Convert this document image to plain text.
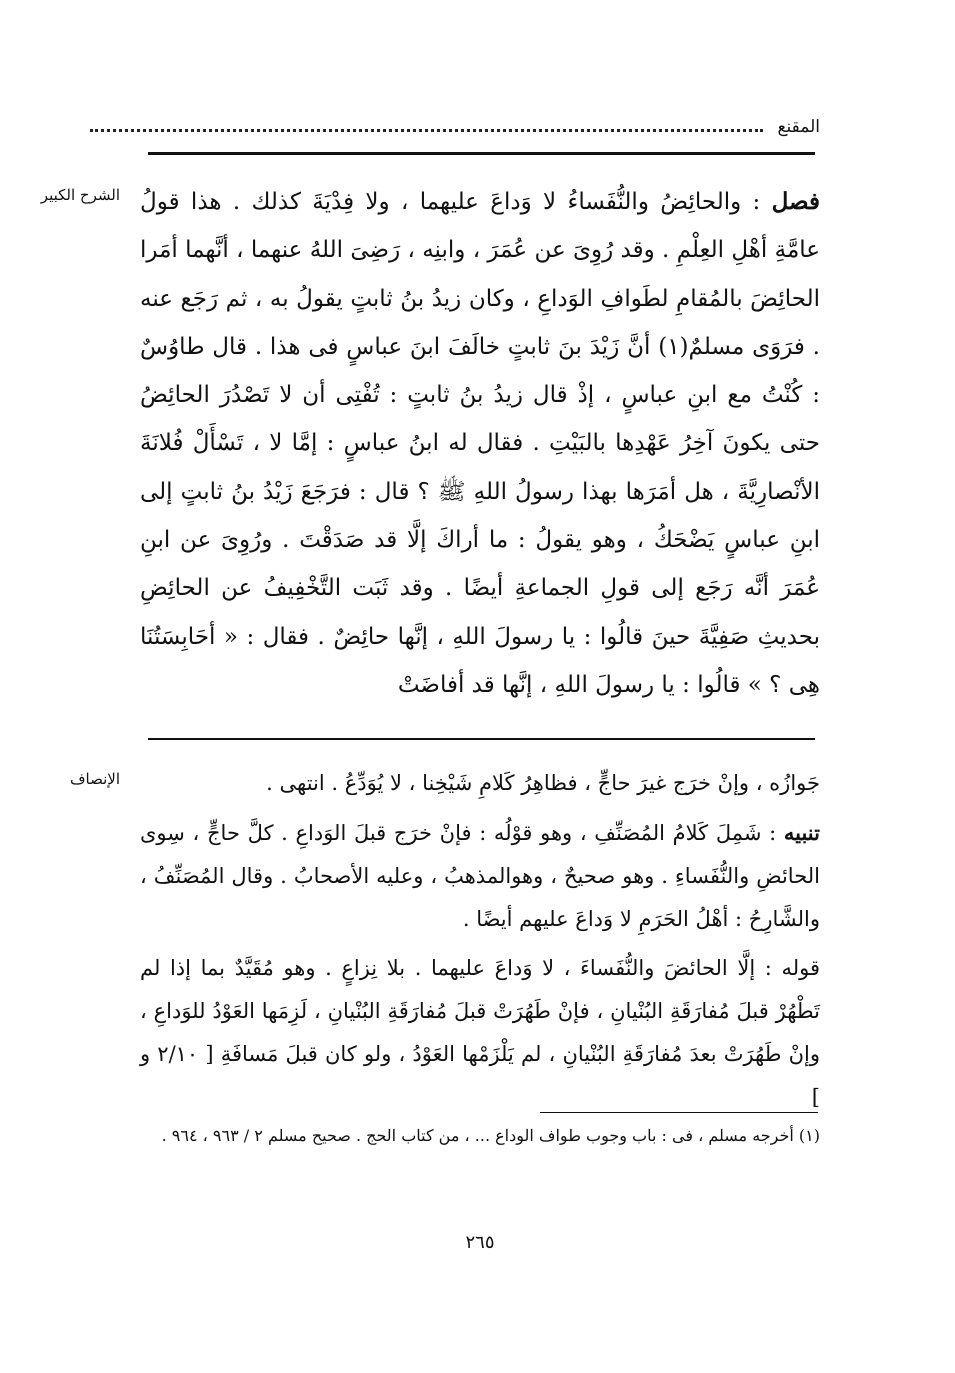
المقنع
الشرح الكبير	فصل : والحائِضُ والنُّفَساءُ لا وَداعَ عليهما ، ولا فِدْيَةَ كذلك . هذا قولُ عامَّةِ أهْلِ العِلْمِ . وقد رُوِىَ عن عُمَرَ ، وابنِه ، رَضِىَ اللهُ عنهما ، أنَّهما أمَرا الحائِضَ بالمُقامِ لطَوافِ الوَداعِ ، وكان زيدُ بنُ ثابتٍ يقولُ به ، ثم رَجَع عنه . فرَوَى مسلمٌ(١) أنَّ زَيْدَ بنَ ثابتٍ خالَفَ ابنَ عباسٍ فى هذا . قال طاوُسٌ : كُنْتُ مع ابنِ عباسٍ ، إذْ قال زيدُ بنُ ثابتٍ : تُفْتِى أن لا تَصْدُرَ الحائِضُ حتى يكونَ آخِرُ عَهْدِها بالبَيْتِ . فقال له ابنُ عباسٍ : إمَّا لا ، تَسْأَلْ فُلانَةَ الأنْصارِيَّةَ ، هل أمَرَها بهذا رسولُ اللهِ ﷺ ؟ قال : فرَجَعَ زَيْدُ بنُ ثابتٍ إلى ابنِ عباسٍ يَضْحَكُ ، وهو يقولُ : ما أراكَ إلَّا قد صَدَقْتَ . ورُوِىَ عن ابنِ عُمَرَ أنَّه رَجَع إلى قولِ الجماعةِ أيضًا . وقد ثَبَت التَّخْفِيفُ عن الحائِضِ بحديثِ صَفِيَّةَ حينَ قالُوا : يا رسولَ اللهِ ، إنَّها حائِضٌ . فقال : « أحَابِسَتُنَا هِى ؟ » قالُوا : يا رسولَ اللهِ ، إنَّها قد أفاضَتْ
الإنصاف	جَوازُه ، وإنْ خرَج غيرَ حاجٍّ ، فظاهِرُ كَلامِ شَيْخِنا ، لا يُوَدِّعُ . انتهى .

تنبيه : شَمِلَ كَلامُ المُصَنِّفِ ، وهو قوْلُه : فإنْ خرَج قبلَ الوَداعِ . كلَّ حاجٍّ ، سِوى الحائضِ والنُّفَساءِ . وهو صحيحٌ ، وهوالمذهبُ ، وعليه الأصحابُ . وقال المُصَنِّفُ ، والشَّارِحُ : أهْلُ الحَرَمِ لا وَداعَ عليهم أيضًا .

قوله : إلَّا الحائضَ والنُّفَساءَ ، لا وَداعَ عليهما . بلا نِزاعٍ . وهو مُقَيَّدٌ بما إذا لم تَطْهُرْ قبلَ مُفارَقَةِ البُنْيانِ ، فإنْ طَهُرَتْ قبلَ مُفارَقَةِ البُنْيانِ ، لَزِمَها العَوْدُ للوَداعِ ، وإنْ طَهُرَتْ بعدَ مُفارَقَةِ البُنْيانِ ، لم يَلْزَمْها العَوْدُ ، ولو كان قبلَ مَسافَةِ [ ٢/١٠ و ]

(١) أخرجه مسلم ، فى : باب وجوب طواف الوداع ... ، من كتاب الحج . صحيح مسلم ٢ / ٩٦٣ ، ٩٦٤ .
٢٦٥
